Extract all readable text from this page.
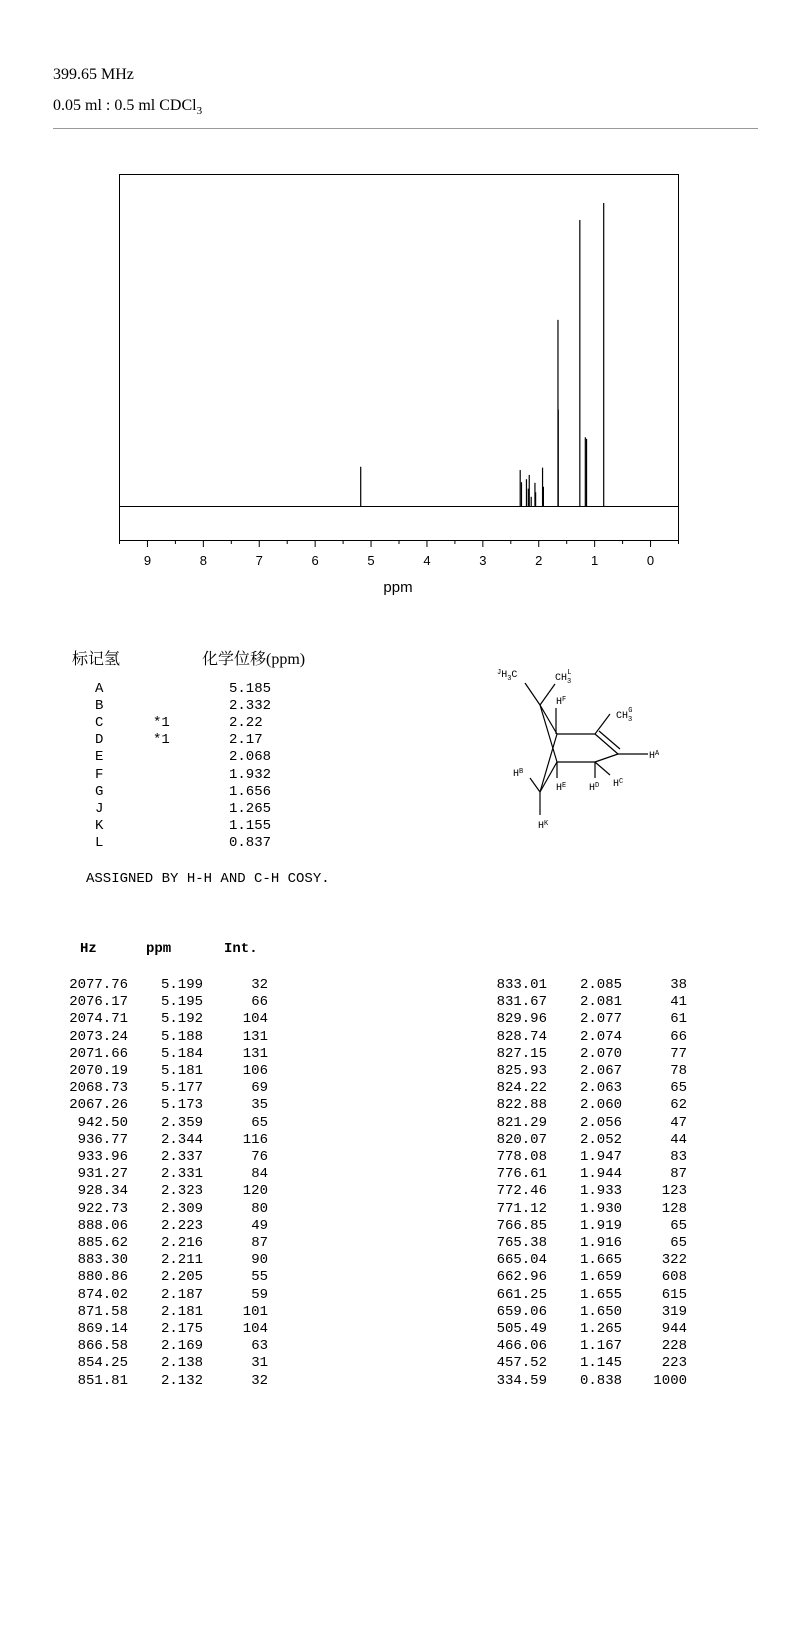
399.65 MHz
0.05 ml : 0.5 ml CDCl$_3$
9	8	7	6	5	4	3	2	1	0
ppm
标记氢	化学位移(ppm)
A	5.185
B	2.332
C	*1	2.22
D	*1	2.17
E	2.068
F	1.932
G	1.656
J	1.265
K	1.155
L	0.837
ASSIGNED BY H-H AND C-H COSY.
$^JH_3C$	$CH_3L$
$H^F$
$CH_3G$
$H^A$
$H^B$
$H^E$ $H^D$ $H^C$
$H^K$
Hz	ppm	Int.
2077.76	5.199	32
2076.17	5.195	66
2074.71	5.192	104
2073.24	5.188	131
2071.66	5.184	131
2070.19	5.181	106
2068.73	5.177	69
2067.26	5.173	35
942.50	2.359	65
936.77	2.344	116
933.96	2.337	76
931.27	2.331	84
928.34	2.323	120
922.73	2.309	80
888.06	2.223	49
885.62	2.216	87
883.30	2.211	90
880.86	2.205	55
874.02	2.187	59
871.58	2.181	101
869.14	2.175	104
866.58	2.169	63
854.25	2.138	31
851.81	2.132	32
833.01	2.085	38
831.67	2.081	41
829.96	2.077	61
828.74	2.074	66
827.15	2.070	77
825.93	2.067	78
824.22	2.063	65
822.88	2.060	62
821.29	2.056	47
820.07	2.052	44
778.08	1.947	83
776.61	1.944	87
772.46	1.933	123
771.12	1.930	128
766.85	1.919	65
765.38	1.916	65
665.04	1.665	322
662.96	1.659	608
661.25	1.655	615
659.06	1.650	319
505.49	1.265	944
466.06	1.167	228
457.52	1.145	223
334.59	0.838	1000
